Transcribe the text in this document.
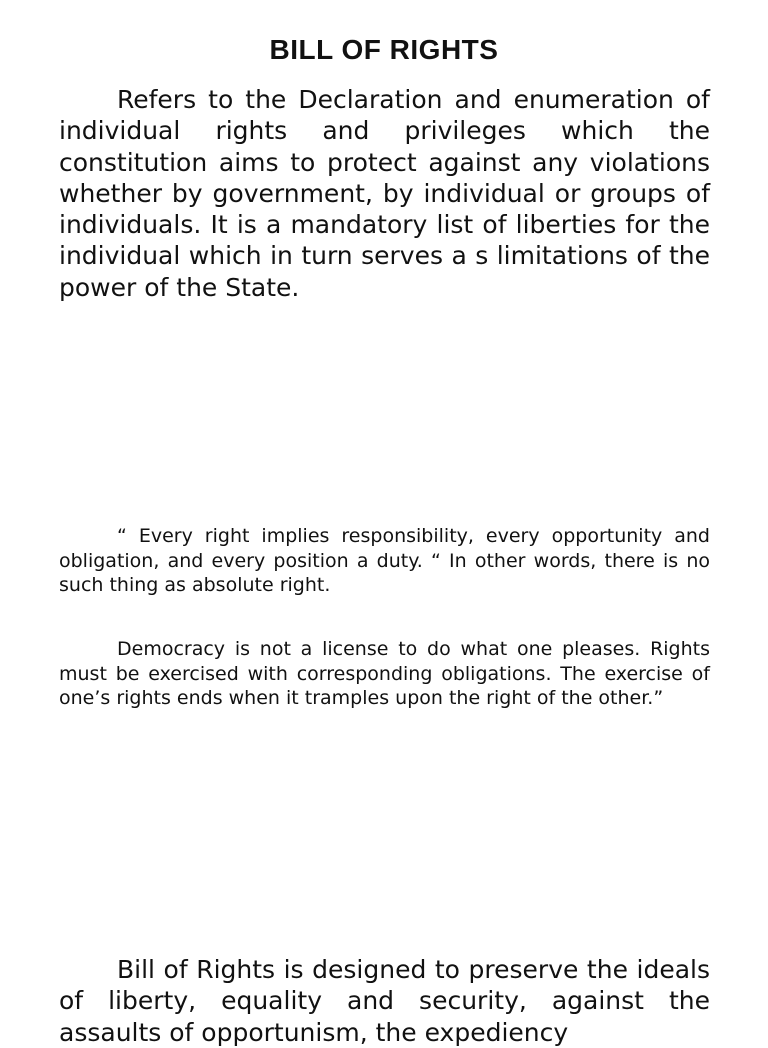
BILL OF RIGHTS

Refers to the Declaration and enumeration of individual rights and privileges which the constitution aims to protect against any violations whether by government, by individual or groups of individuals. It is a mandatory list of liberties for the individual which in turn serves a s limitations of the power of the State.

“ Every right implies responsibility, every opportunity and obligation, and every position a duty. “ In other words, there is no such thing as absolute right.

Democracy is not a license to do what one pleases. Rights must be exercised with corresponding obligations. The exercise of one’s rights ends when it tramples upon the right of the other.”

Bill of Rights is designed to preserve the ideals of liberty, equality and security, against the assaults of opportunism, the expediency
